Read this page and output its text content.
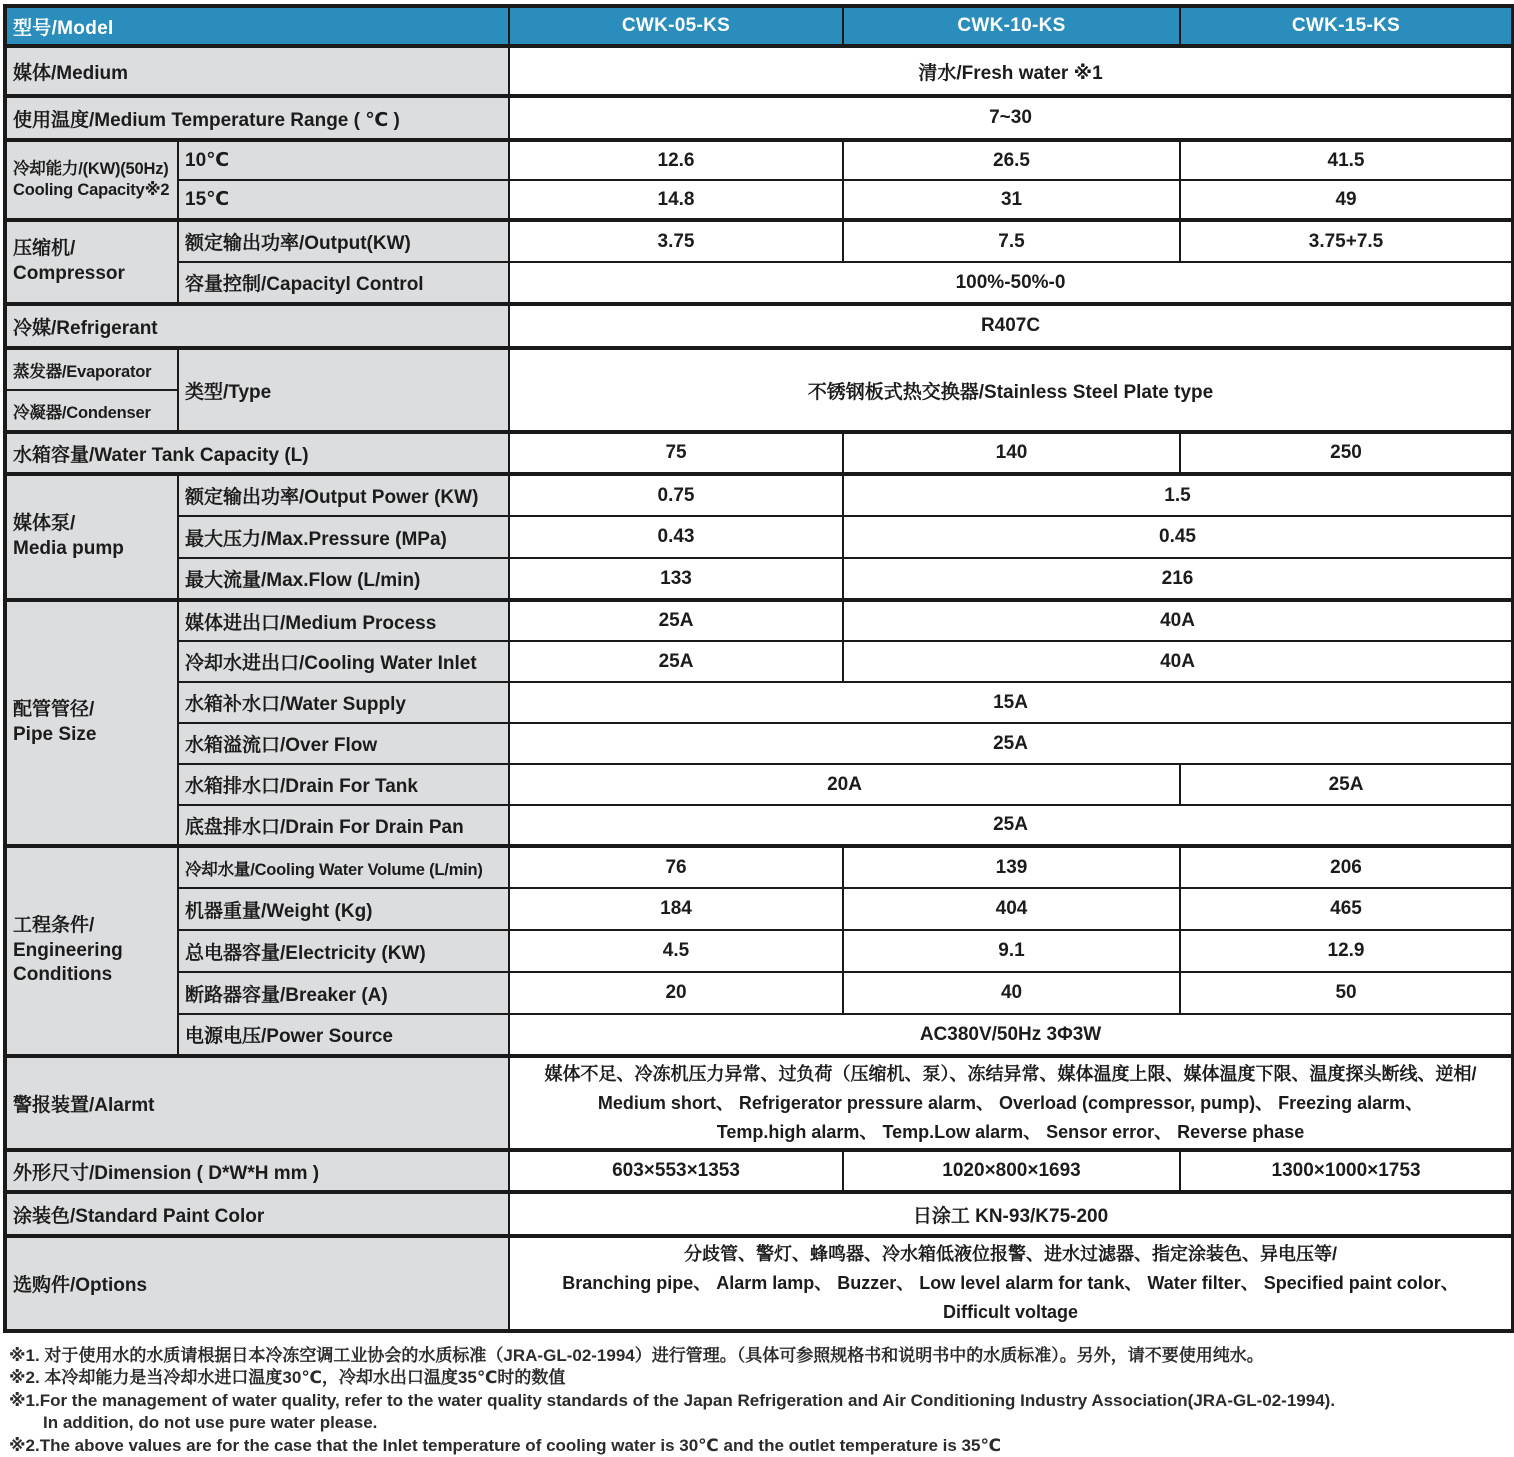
型号/Model		CWK-05-KS	CWK-10-KS	CWK-15-KS
媒体/Medium		清水/Fresh water ※1		
使用温度/Medium Temperature Range ( ℃ )		7~30		

冷却能力/(KW)(50Hz)
Cooling Capacity※2	10℃	12.6	26.5	41.5
	15℃	14.8	31	49

压缩机/
Compressor	额定输出功率/Output(KW)	3.75	7.5	3.75+7.5
	容量控制/Capacityl Control	100%-50%-0		
冷媒/Refrigerant		R407C		
蒸发器/Evaporator	类型/Type	不锈钢板式热交换器/Stainless Steel Plate type		
冷凝器/Condenser				
水箱容量/Water Tank Capacity (L)		75	140	250

媒体泵/
Media pump	额定输出功率/Output Power (KW)	0.75	1.5	
	最大压力/Max.Pressure (MPa)	0.43	0.45	
	最大流量/Max.Flow (L/min)	133	216	

配管管径/
Pipe Size	媒体进出口/Medium Process	25A	40A	
	冷却水进出口/Cooling Water Inlet	25A	40A	
	水箱补水口/Water Supply	15A		
	水箱溢流口/Over Flow	25A		
	水箱排水口/Drain For Tank	20A		25A
	底盘排水口/Drain For Drain Pan	25A		

工程条件/
Engineering
Conditions	冷却水量/Cooling Water Volume (L/min)	76	139	206
	机器重量/Weight (Kg)	184	404	465
	总电器容量/Electricity (KW)	4.5	9.1	12.9
	断路器容量/Breaker (A)	20	40	50
	电源电压/Power Source	AC380V/50Hz 3Φ3W		
警报装置/Alarmt		媒体不足、冷冻机压力异常、过负荷（压缩机、泵）、冻结异常、媒体温度上限、媒体温度下限、温度探头断线、逆相/
Medium short、 Refrigerator pressure alarm、 Overload (compressor, pump)、 Freezing alarm、
Temp.high alarm、 Temp.Low alarm、 Sensor error、 Reverse phase		

外形尺寸/Dimension ( D*W*H mm )		603×553×1353	1020×800×1693	1300×1000×1753
涂装色/Standard Paint Color		日涂工 KN-93/K75-200		
选购件/Options		分歧管、警灯、蜂鸣器、冷水箱低液位报警、进水过滤器、指定涂装色、异电压等/
Branching pipe、 Alarm lamp、 Buzzer、 Low level alarm for tank、 Water filter、 Specified paint color、
Difficult voltage		
※1. 对于使用水的水质请根据日本冷冻空调工业协会的水质标准（JRA-GL-02-1994）进行管理。（具体可参照规格书和说明书中的水质标准）。另外，请不要使用纯水。
※2. 本冷却能力是当冷却水进口温度30℃，冷却水出口温度35℃时的数值
※1.For the management of water quality, refer to the water quality standards of the Japan Refrigeration and Air Conditioning Industry Association(JRA-GL-02-1994).
In addition, do not use pure water please.
※2.The above values are for the case that the Inlet temperature of cooling water is 30℃ and the outlet temperature is 35℃
